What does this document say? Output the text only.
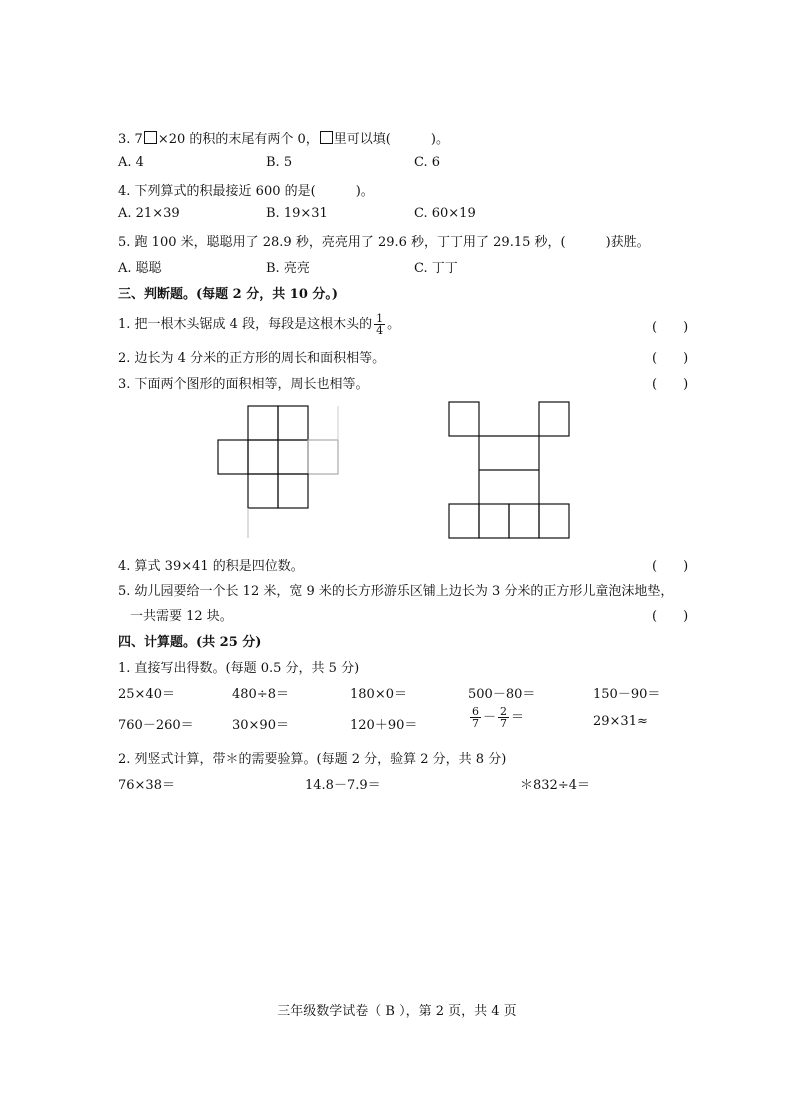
3. 7 ×20 的积的末尾有两个 0， 里可以填(	)。
A. 4	B. 5	C. 6
4. 下列算式的积最接近 600 的是(	)。
A. 21×39	B. 19×31	C. 60×19
5. 跑 100 米，聪聪用了 28.9 秒，亮亮用了 29.6 秒，丁丁用了 29.15 秒，(	)获胜。
A. 聪聪	B. 亮亮	C. 丁丁
三、判断题。(每题 2 分，共 10 分。)
1. 把一根木头锯成 4 段，每段是这根木头的 $\frac{1}{4}$ 。	(　　)
2. 边长为 4 分米的正方形的周长和面积相等。	(　　)
3. 下面两个图形的面积相等，周长也相等。	(　　)
4. 算式 39×41 的积是四位数。	(　　)
5. 幼儿园要给一个长 12 米，宽 9 米的长方形游乐区铺上边长为 3 分米的正方形儿童泡沫地垫，
一共需要 12 块。	(　　)
四、计算题。(共 25 分)
1. 直接写出得数。(每题 0.5 分，共 5 分)
25×40＝	480÷8＝	180×0＝	500－80＝	150－90＝
760－260＝	30×90＝	120＋90＝	$\frac{6}{7} - \frac{2}{7}$ ＝	29×31≈
2. 列竖式计算，带＊的需要验算。(每题 2 分，验算 2 分，共 8 分)
76×38＝	14.8－7.9＝	＊832÷4＝
三年级数学试卷（ B ），第 2 页，共 4 页
